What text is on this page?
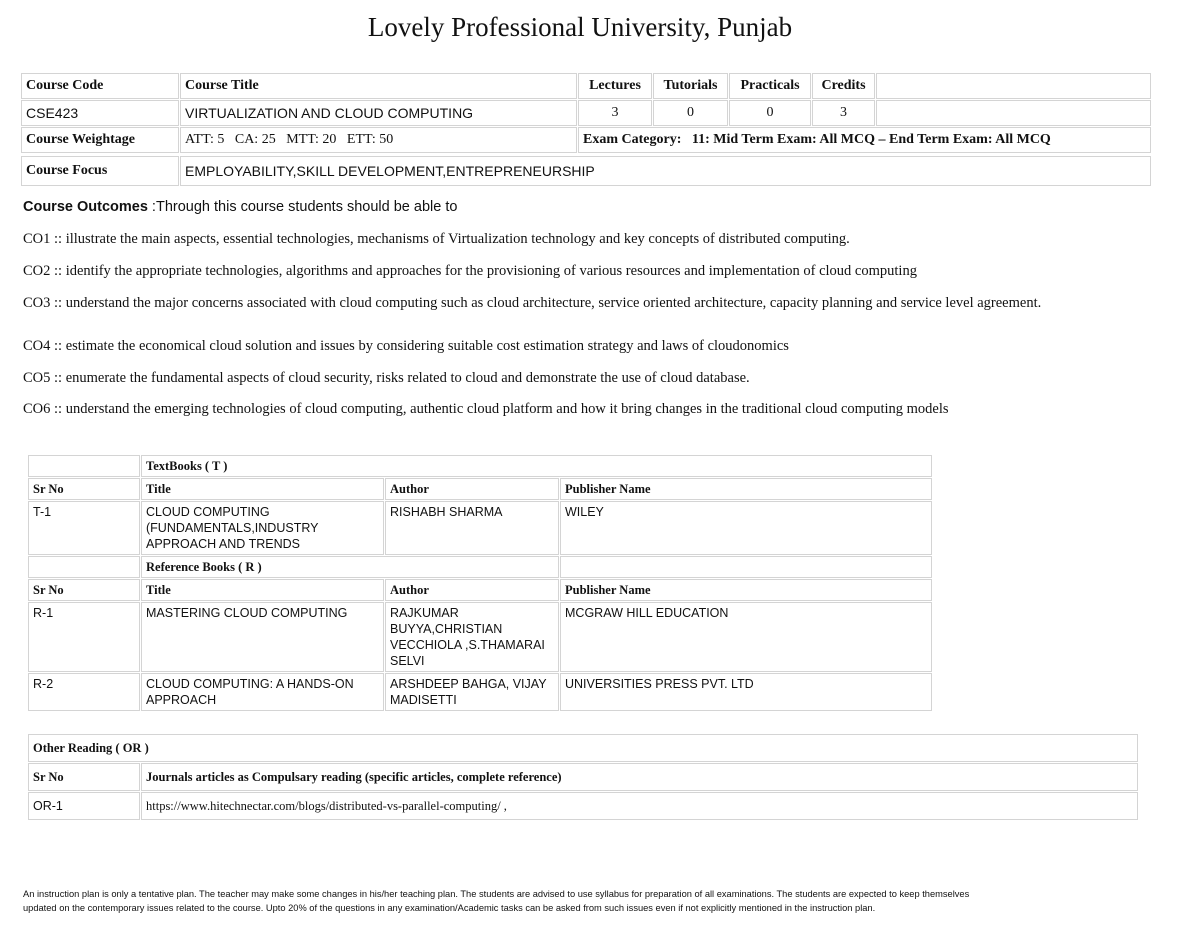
Lovely Professional University, Punjab
Course Code	Course Title	Lectures	Tutorials	Practicals	Credits	
CSE423	VIRTUALIZATION AND CLOUD COMPUTING	3	0	0	3	
Course Weightage	ATT: 5   CA: 25   MTT: 20   ETT: 50	Exam Category:   11: Mid Term Exam: All MCQ – End Term Exam: All MCQ				
Course Focus	EMPLOYABILITY,SKILL DEVELOPMENT,ENTREPRENEURSHIP
Course Outcomes :Through this course students should be able to
CO1 :: illustrate the main aspects, essential technologies, mechanisms of Virtualization technology and key concepts of distributed computing.
CO2 :: identify the appropriate technologies, algorithms and approaches for the provisioning of various resources and implementation of cloud computing
CO3 :: understand the major concerns associated with cloud computing such as cloud architecture, service oriented architecture, capacity planning and service level agreement.
CO4 :: estimate the economical cloud solution and issues by considering suitable cost estimation strategy and laws of cloudonomics
CO5 :: enumerate the fundamental aspects of cloud security, risks related to cloud and demonstrate the use of cloud database.
CO6 :: understand the emerging technologies of cloud computing, authentic cloud platform and how it bring changes in the traditional cloud computing models
	TextBooks ( T )		
Sr No	Title	Author	Publisher Name
T-1	CLOUD COMPUTING (FUNDAMENTALS,INDUSTRY APPROACH AND TRENDS	RISHABH SHARMA	WILEY
	Reference Books ( R )		
Sr No	Title	Author	Publisher Name
R-1	MASTERING CLOUD COMPUTING	RAJKUMAR BUYYA,CHRISTIAN VECCHIOLA ,S.THAMARAI SELVI	MCGRAW HILL EDUCATION
R-2	CLOUD COMPUTING: A HANDS-ON APPROACH	ARSHDEEP BAHGA, VIJAY MADISETTI	UNIVERSITIES PRESS PVT. LTD
Other Reading ( OR )	
Sr No	Journals articles as Compulsary reading (specific articles, complete reference)
OR-1	https://www.hitechnectar.com/blogs/distributed-vs-parallel-computing/ ,
An instruction plan is only a tentative plan. The teacher may make some changes in his/her teaching plan. The students are advised to use syllabus for preparation of all examinations. The students are expected to keep themselves
updated on the contemporary issues related to the course. Upto 20% of the questions in any examination/Academic tasks can be asked from such issues even if not explicitly mentioned in the instruction plan.
